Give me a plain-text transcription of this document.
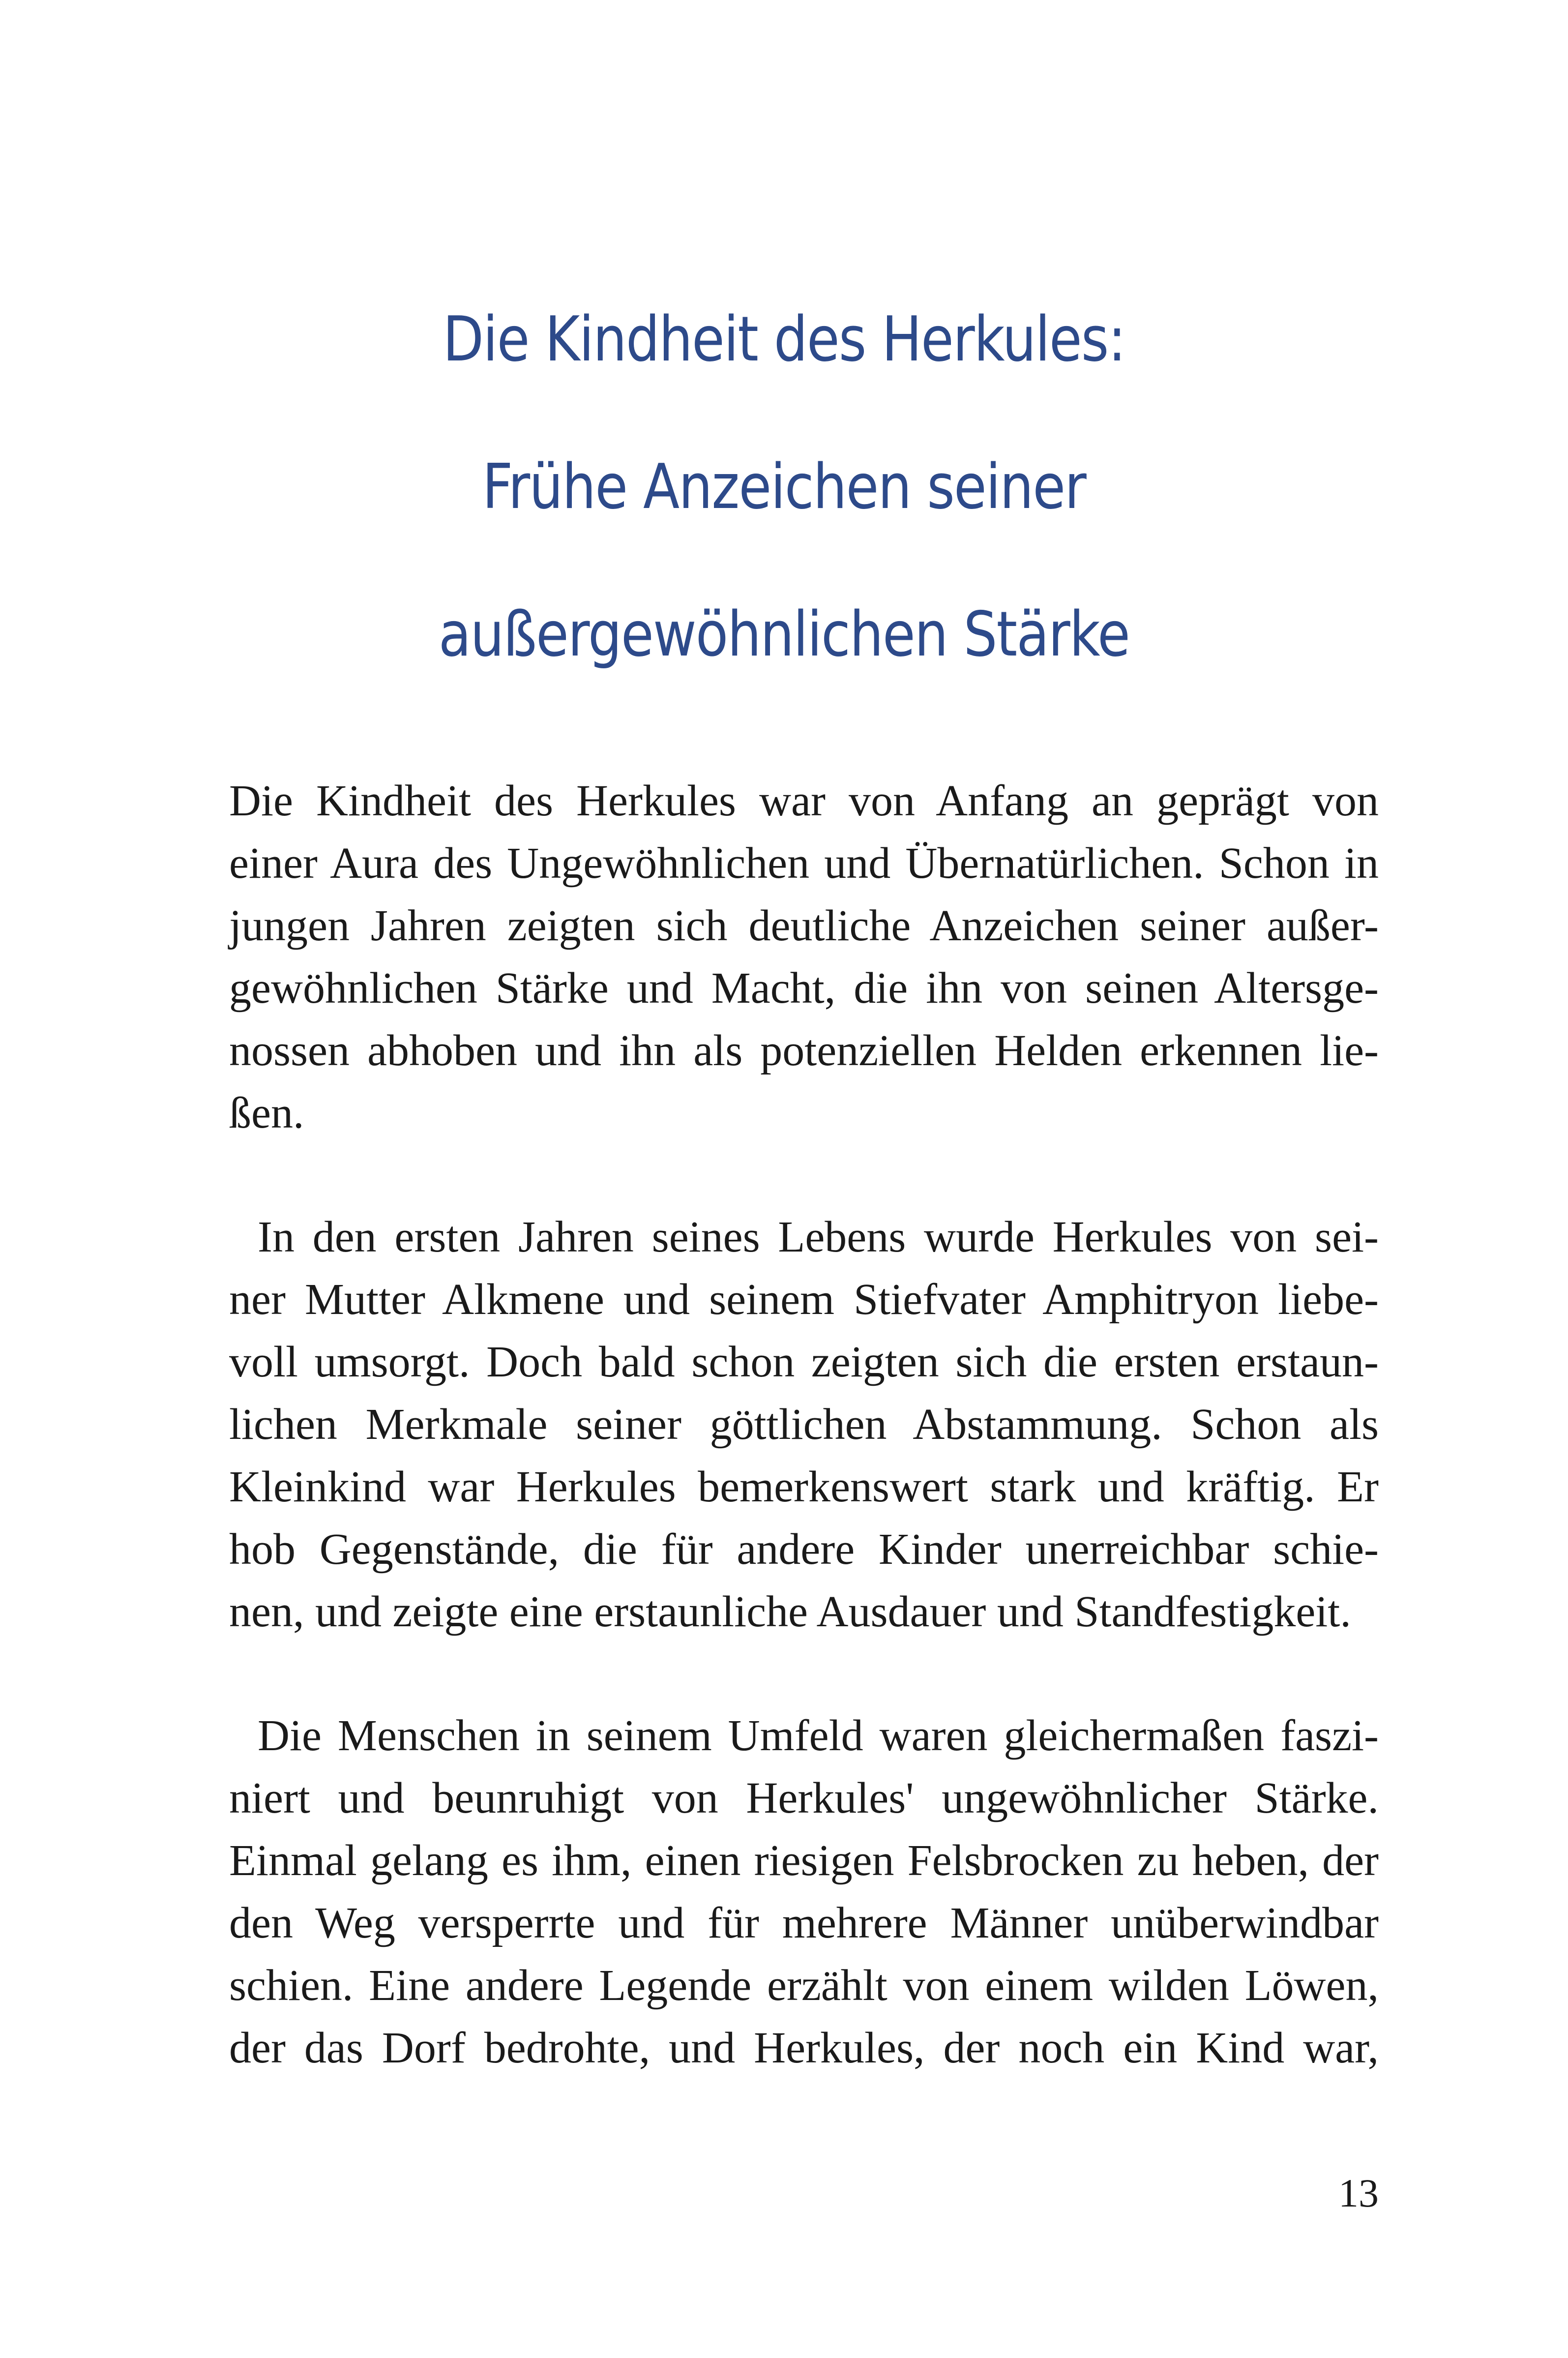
Die Kindheit des Herkules:
Frühe Anzeichen seiner
außergewöhnlichen Stärke

Die Kindheit des Herkules war von Anfang an geprägt von
einer Aura des Ungewöhnlichen und Übernatürlichen. Schon in
jungen Jahren zeigten sich deutliche Anzeichen seiner außer-
gewöhnlichen Stärke und Macht, die ihn von seinen Altersge-
nossen abhoben und ihn als potenziellen Helden erkennen lie-
ßen.

In den ersten Jahren seines Lebens wurde Herkules von sei-
ner Mutter Alkmene und seinem Stiefvater Amphitryon liebe-
voll umsorgt. Doch bald schon zeigten sich die ersten erstaun-
lichen Merkmale seiner göttlichen Abstammung. Schon als
Kleinkind war Herkules bemerkenswert stark und kräftig. Er
hob Gegenstände, die für andere Kinder unerreichbar schie-
nen, und zeigte eine erstaunliche Ausdauer und Standfestigkeit.

Die Menschen in seinem Umfeld waren gleichermaßen faszi-
niert und beunruhigt von Herkules' ungewöhnlicher Stärke.
Einmal gelang es ihm, einen riesigen Felsbrocken zu heben, der
den Weg versperrte und für mehrere Männer unüberwindbar
schien. Eine andere Legende erzählt von einem wilden Löwen,
der das Dorf bedrohte, und Herkules, der noch ein Kind war,

13
